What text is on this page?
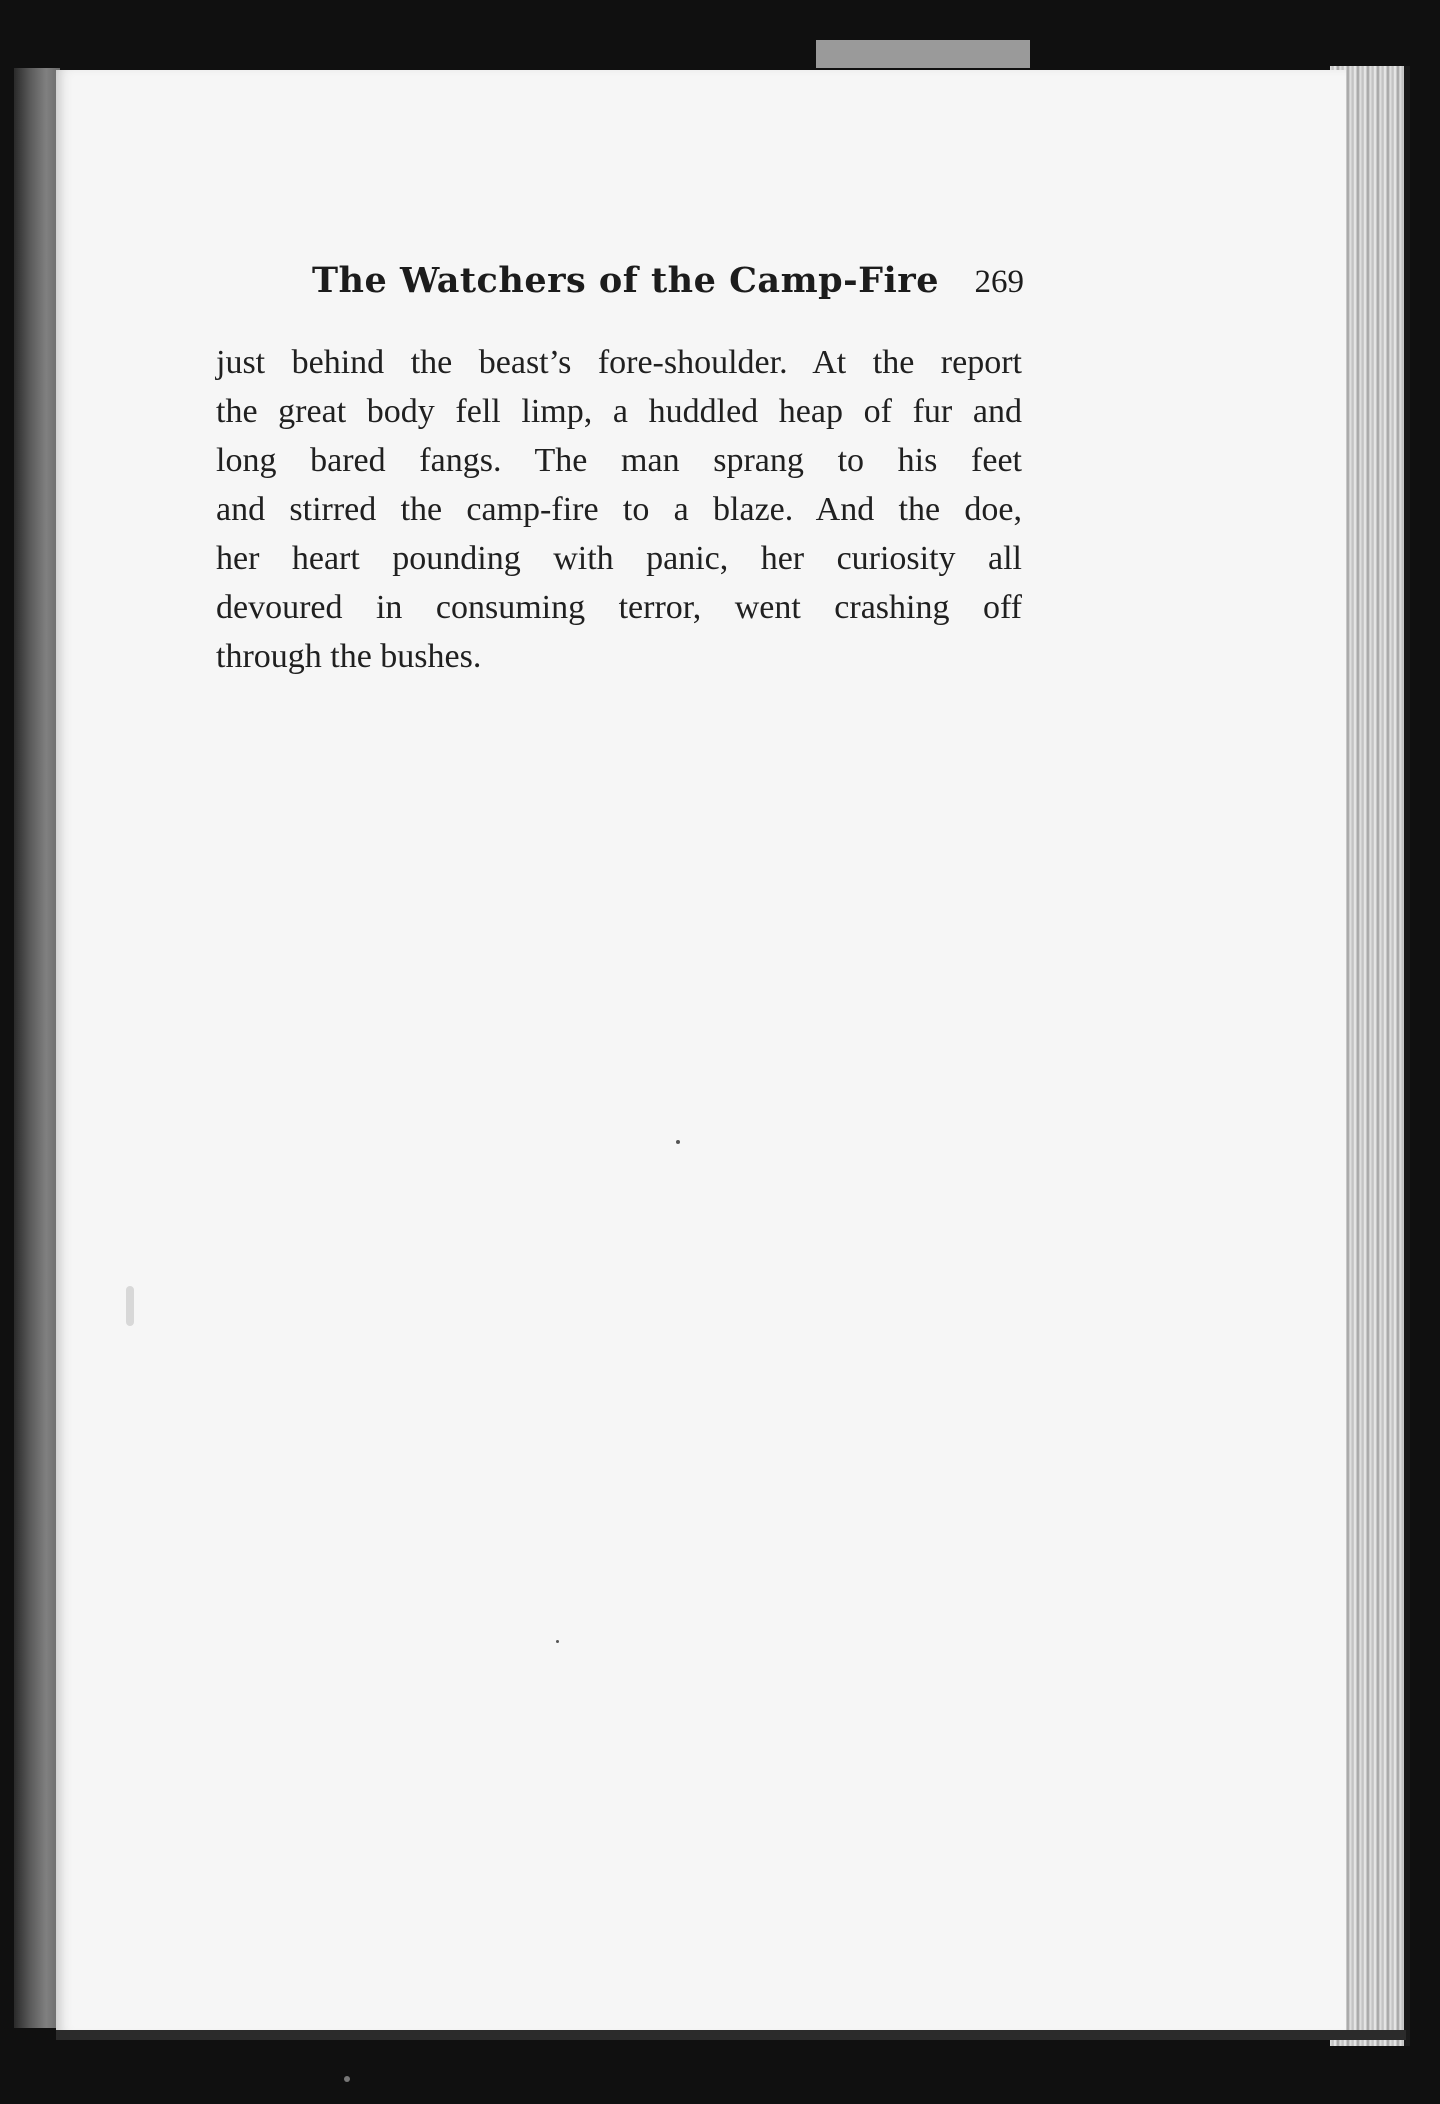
The Watchers of the Camp-Fire 269
just behind the beast’s fore-shoulder. At the report
the great body fell limp, a huddled heap of fur and
long bared fangs. The man sprang to his feet
and stirred the camp-fire to a blaze. And the doe,
her heart pounding with panic, her curiosity all
devoured in consuming terror, went crashing off
through the bushes.
